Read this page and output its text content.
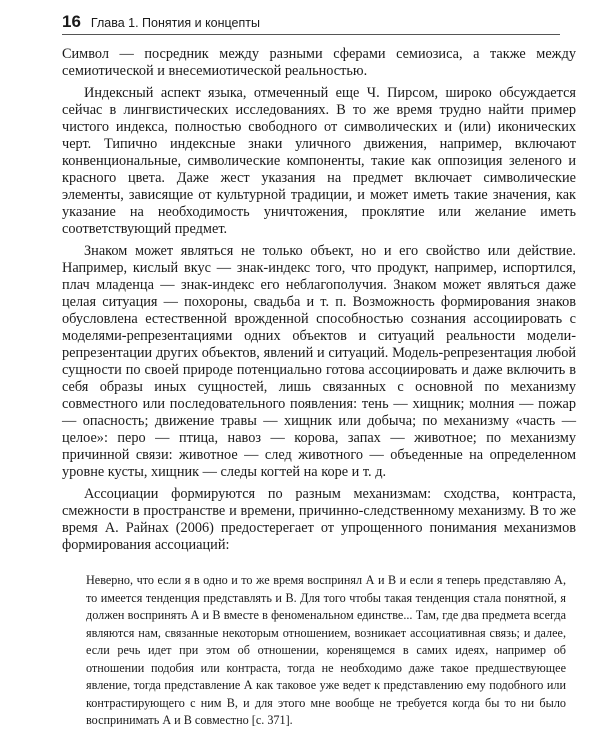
16 Глава 1. Понятия и концепты

Символ — посредник между разными сферами семиозиса, а также между семиотической и внесемиотической реальностью.

Индексный аспект языка, отмеченный еще Ч. Пирсом, широко обсуждается сейчас в лингвистических исследованиях. В то же время трудно найти пример чистого индекса, полностью свободного от символических и (или) иконических черт. Типично индексные знаки уличного движения, например, включают конвенциональные, символические компоненты, такие как оппозиция зеленого и красного цвета. Даже жест указания на предмет включает символические элементы, зависящие от культурной традиции, и может иметь такие значения, как указание на необходимость уничтожения, проклятие или желание иметь соответствующий предмет.

Знаком может являться не только объект, но и его свойство или действие. Например, кислый вкус — знак-индекс того, что продукт, например, испортился, плач младенца — знак-индекс его неблагополучия. Знаком может являться даже целая ситуация — похороны, свадьба и т. п. Возможность формирования знаков обусловлена естественной врожденной способностью сознания ассоциировать с моделями-репрезентациями одних объектов и ситуаций реальности модели-репрезентации других объектов, явлений и ситуаций. Модель-репрезентация любой сущности по своей природе потенциально готова ассоциировать и даже включить в себя образы иных сущностей, лишь связанных с основной по механизму совместного или последовательного появления: тень — хищник; молния — пожар — опасность; движение травы — хищник или добыча; по механизму «часть — целое»: перо — птица, навоз — корова, запах — животное; по механизму причинной связи: животное — след животного — объеденные на определенном уровне кусты, хищник — следы когтей на коре и т. д.

Ассоциации формируются по разным механизмам: сходства, контраста, смежности в пространстве и времени, причинно-следственному механизму. В то же время А. Райнах (2006) предостерегает от упрощенного понимания механизмов формирования ассоциаций:

Неверно, что если я в одно и то же время воспринял А и В и если я теперь представляю А, то имеется тенденция представлять и В. Для того чтобы такая тенденция стала понятной, я должен воспринять А и В вместе в феноменальном единстве... Там, где два предмета всегда являются нам, связанные некоторым отношением, возникает ассоциативная связь; и далее, если речь идет при этом об отношении, коренящемся в самих идеях, например об отношении подобия или контраста, тогда не необходимо даже такое предшествующее явление, тогда представление А как таковое уже ведет к представлению ему подобного или контрастирующего с ним В, и для этого мне вообще не требуется когда бы то ни было воспринимать А и В совместно [с. 371].
